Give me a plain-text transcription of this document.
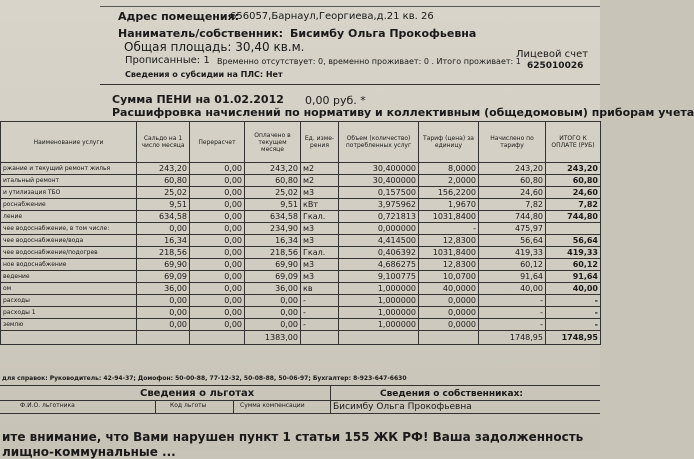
Адрес помещения:
656057,Барнаул,Георгиева,д.21 кв. 26
Наниматель/собственник: Бисимбу Ольга Прокофьевна
Общая площадь: 30,40 кв.м.
Прописанные: 1 Временно отсутствует: 0, временно проживает: 0 . Итого проживает: 1
Сведения о субсидии на ПЛС: Нет
Лицевой счет
625010026
Сумма ПЕНИ на 01.02.2012 0,00 руб. *
Расшифровка начислений по нормативу и коллективным (общедомовым) приборам учета
Наименование услуги	Сальдо на 1 число месяца	Перерасчет	Оплачено в текущем месяце	Ед. изме- рения	Объем (количество) потребленных услуг	Тариф (цена) за единицу	Начислено по тарифу	ИТОГО К ОПЛАТЕ (РУБ)
ржание и текущий ремонт жилья	243,20	0,00	243,20	м2	30,400000	8,0000	243,20	243,20
итальный ремонт	60,80	0,00	60,80	м2	30,400000	2,0000	60,80	60,80
и утилизация ТБО	25,02	0,00	25,02	м3	0,157500	156,2200	24,60	24,60
роснабжение	9,51	0,00	9,51	кВт	3,975962	1,9670	7,82	7,82
ление	634,58	0,00	634,58	Гкал.	0,721813	1031,8400	744,80	744,80
чее водоснабжение, в том числе:	0,00	0,00	234,90	м3	0,000000	-	475,97	
чее водоснабжение/вода	16,34	0,00	16,34	м3	4,414500	12,8300	56,64	56,64
чее водоснабжение/подогрев	218,56	0,00	218,56	Гкал.	0,406392	1031,8400	419,33	419,33
ное водоснабжение	69,90	0,00	69,90	м3	4,686275	12,8300	60,12	60,12
ведение	69,09	0,00	69,09	м3	9,100775	10,0700	91,64	91,64
ом	36,00	0,00	36,00	кв	1,000000	40,0000	40,00	40,00
расходы	0,00	0,00	0,00	-	1,000000	0,0000	-	-
расходы 1	0,00	0,00	0,00	-	1,000000	0,0000	-	-
землю	0,00	0,00	0,00	-	1,000000	0,0000	-	-
			1383,00				1748,95	1748,95
для справок: Руководитель: 42-94-37; Домофон: 50-00-88, 77-12-32, 50-08-88, 50-06-97; Бухгалтер: 8-923-647-6630
Сведения о льготах	Сведения о собственниках:
Ф.И.О. льготника	Код льготы	Сумма компенсации	Бисимбу Ольга Прокофьевна
ите внимание, что Вами нарушен пункт 1 статьи 155 ЖК РФ! Ваша задолженность
лищно-коммунальные ...
